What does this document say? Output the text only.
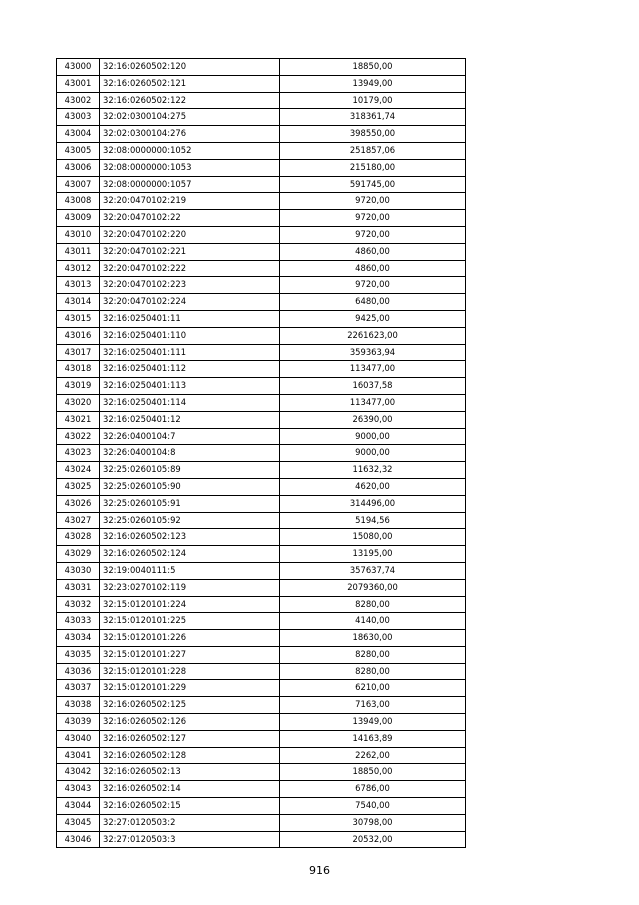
43000	32:16:0260502:120	18850,00
43001	32:16:0260502:121	13949,00
43002	32:16:0260502:122	10179,00
43003	32:02:0300104:275	318361,74
43004	32:02:0300104:276	398550,00
43005	32:08:0000000:1052	251857,06
43006	32:08:0000000:1053	215180,00
43007	32:08:0000000:1057	591745,00
43008	32:20:0470102:219	9720,00
43009	32:20:0470102:22	9720,00
43010	32:20:0470102:220	9720,00
43011	32:20:0470102:221	4860,00
43012	32:20:0470102:222	4860,00
43013	32:20:0470102:223	9720,00
43014	32:20:0470102:224	6480,00
43015	32:16:0250401:11	9425,00
43016	32:16:0250401:110	2261623,00
43017	32:16:0250401:111	359363,94
43018	32:16:0250401:112	113477,00
43019	32:16:0250401:113	16037,58
43020	32:16:0250401:114	113477,00
43021	32:16:0250401:12	26390,00
43022	32:26:0400104:7	9000,00
43023	32:26:0400104:8	9000,00
43024	32:25:0260105:89	11632,32
43025	32:25:0260105:90	4620,00
43026	32:25:0260105:91	314496,00
43027	32:25:0260105:92	5194,56
43028	32:16:0260502:123	15080,00
43029	32:16:0260502:124	13195,00
43030	32:19:0040111:5	357637,74
43031	32:23:0270102:119	2079360,00
43032	32:15:0120101:224	8280,00
43033	32:15:0120101:225	4140,00
43034	32:15:0120101:226	18630,00
43035	32:15:0120101:227	8280,00
43036	32:15:0120101:228	8280,00
43037	32:15:0120101:229	6210,00
43038	32:16:0260502:125	7163,00
43039	32:16:0260502:126	13949,00
43040	32:16:0260502:127	14163,89
43041	32:16:0260502:128	2262,00
43042	32:16:0260502:13	18850,00
43043	32:16:0260502:14	6786,00
43044	32:16:0260502:15	7540,00
43045	32:27:0120503:2	30798,00
43046	32:27:0120503:3	20532,00
916
